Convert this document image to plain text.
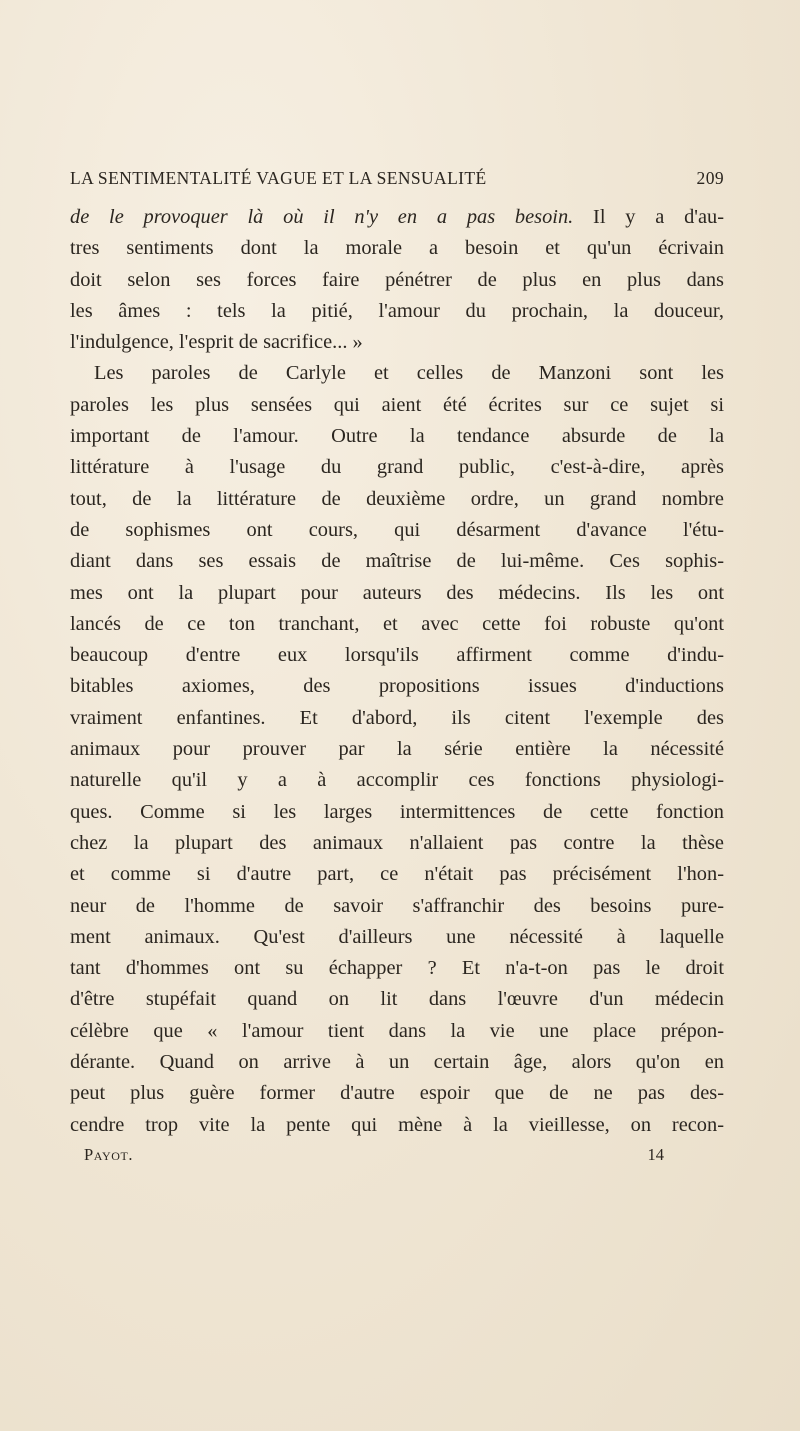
LA SENTIMENTALITÉ VAGUE ET LA SENSUALITÉ	209
de le provoquer là où il n'y en a pas besoin. Il y a d'au-
tres sentiments dont la morale a besoin et qu'un écrivain
doit selon ses forces faire pénétrer de plus en plus dans
les âmes : tels la pitié, l'amour du prochain, la douceur,
l'indulgence, l'esprit de sacrifice... »
Les paroles de Carlyle et celles de Manzoni sont les
paroles les plus sensées qui aient été écrites sur ce sujet si
important de l'amour. Outre la tendance absurde de la
littérature à l'usage du grand public, c'est-à-dire, après
tout, de la littérature de deuxième ordre, un grand nombre
de sophismes ont cours, qui désarment d'avance l'étu-
diant dans ses essais de maîtrise de lui-même. Ces sophis-
mes ont la plupart pour auteurs des médecins. Ils les ont
lancés de ce ton tranchant, et avec cette foi robuste qu'ont
beaucoup d'entre eux lorsqu'ils affirment comme d'indu-
bitables axiomes, des propositions issues d'inductions
vraiment enfantines. Et d'abord, ils citent l'exemple des
animaux pour prouver par la série entière la nécessité
naturelle qu'il y a à accomplir ces fonctions physiologi-
ques. Comme si les larges intermittences de cette fonction
chez la plupart des animaux n'allaient pas contre la thèse
et comme si d'autre part, ce n'était pas précisément l'hon-
neur de l'homme de savoir s'affranchir des besoins pure-
ment animaux. Qu'est d'ailleurs une nécessité à laquelle
tant d'hommes ont su échapper ? Et n'a-t-on pas le droit
d'être stupéfait quand on lit dans l'œuvre d'un médecin
célèbre que « l'amour tient dans la vie une place prépon-
dérante. Quand on arrive à un certain âge, alors qu'on en
peut plus guère former d'autre espoir que de ne pas des-
cendre trop vite la pente qui mène à la vieillesse, on recon-
Payot.	14
